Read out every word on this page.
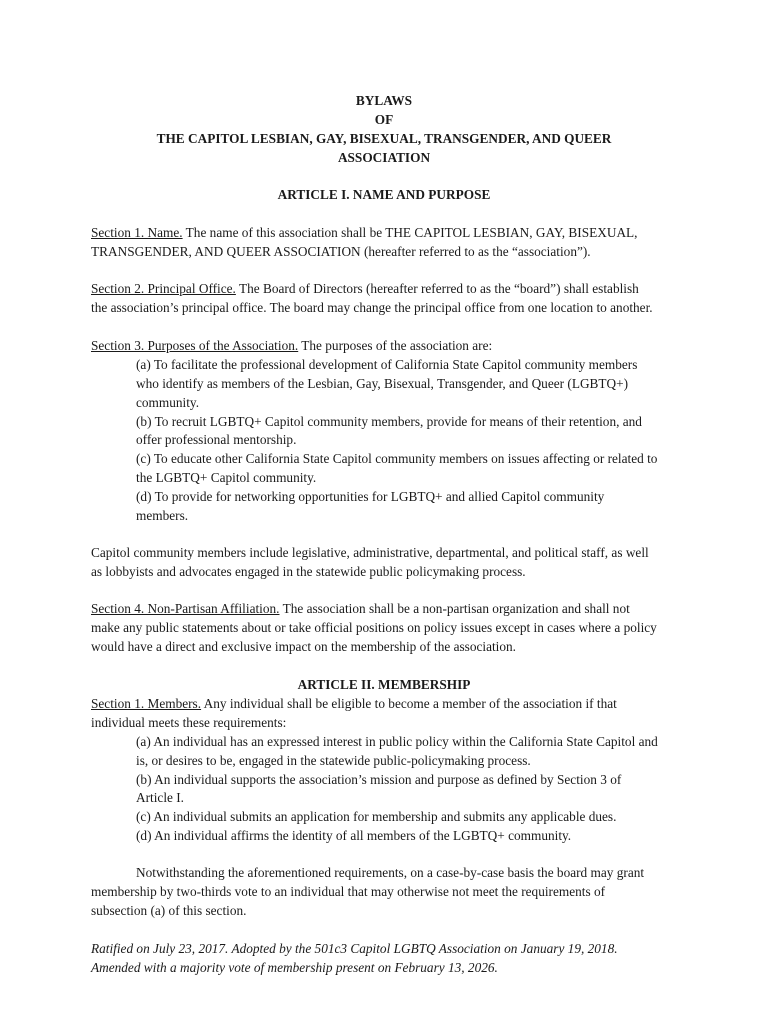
BYLAWS
OF
THE CAPITOL LESBIAN, GAY, BISEXUAL, TRANSGENDER, AND QUEER
ASSOCIATION
ARTICLE I. NAME AND PURPOSE
Section 1. Name. The name of this association shall be THE CAPITOL LESBIAN, GAY, BISEXUAL,
TRANSGENDER, AND QUEER ASSOCIATION (hereafter referred to as the “association”).
Section 2. Principal Office. The Board of Directors (hereafter referred to as the “board”) shall establish
the association’s principal office. The board may change the principal office from one location to another.
Section 3. Purposes of the Association. The purposes of the association are:
(a) To facilitate the professional development of California State Capitol community members
who identify as members of the Lesbian, Gay, Bisexual, Transgender, and Queer (LGBTQ+)
community.
(b) To recruit LGBTQ+ Capitol community members, provide for means of their retention, and
offer professional mentorship.
(c) To educate other California State Capitol community members on issues affecting or related to
the LGBTQ+ Capitol community.
(d) To provide for networking opportunities for LGBTQ+ and allied Capitol community
members.
Capitol community members include legislative, administrative, departmental, and political staff, as well
as lobbyists and advocates engaged in the statewide public policymaking process.
Section 4. Non-Partisan Affiliation. The association shall be a non-partisan organization and shall not
make any public statements about or take official positions on policy issues except in cases where a policy
would have a direct and exclusive impact on the membership of the association.
ARTICLE II. MEMBERSHIP
Section 1. Members. Any individual shall be eligible to become a member of the association if that
individual meets these requirements:
(a) An individual has an expressed interest in public policy within the California State Capitol and
is, or desires to be, engaged in the statewide public-policymaking process.
(b) An individual supports the association’s mission and purpose as defined by Section 3 of
Article I.
(c) An individual submits an application for membership and submits any applicable dues.
(d) An individual affirms the identity of all members of the LGBTQ+ community.
Notwithstanding the aforementioned requirements, on a case-by-case basis the board may grant
membership by two-thirds vote to an individual that may otherwise not meet the requirements of
subsection (a) of this section.
Ratified on July 23, 2017. Adopted by the 501c3 Capitol LGBTQ Association on January 19, 2018.
Amended with a majority vote of membership present on February 13, 2026.
